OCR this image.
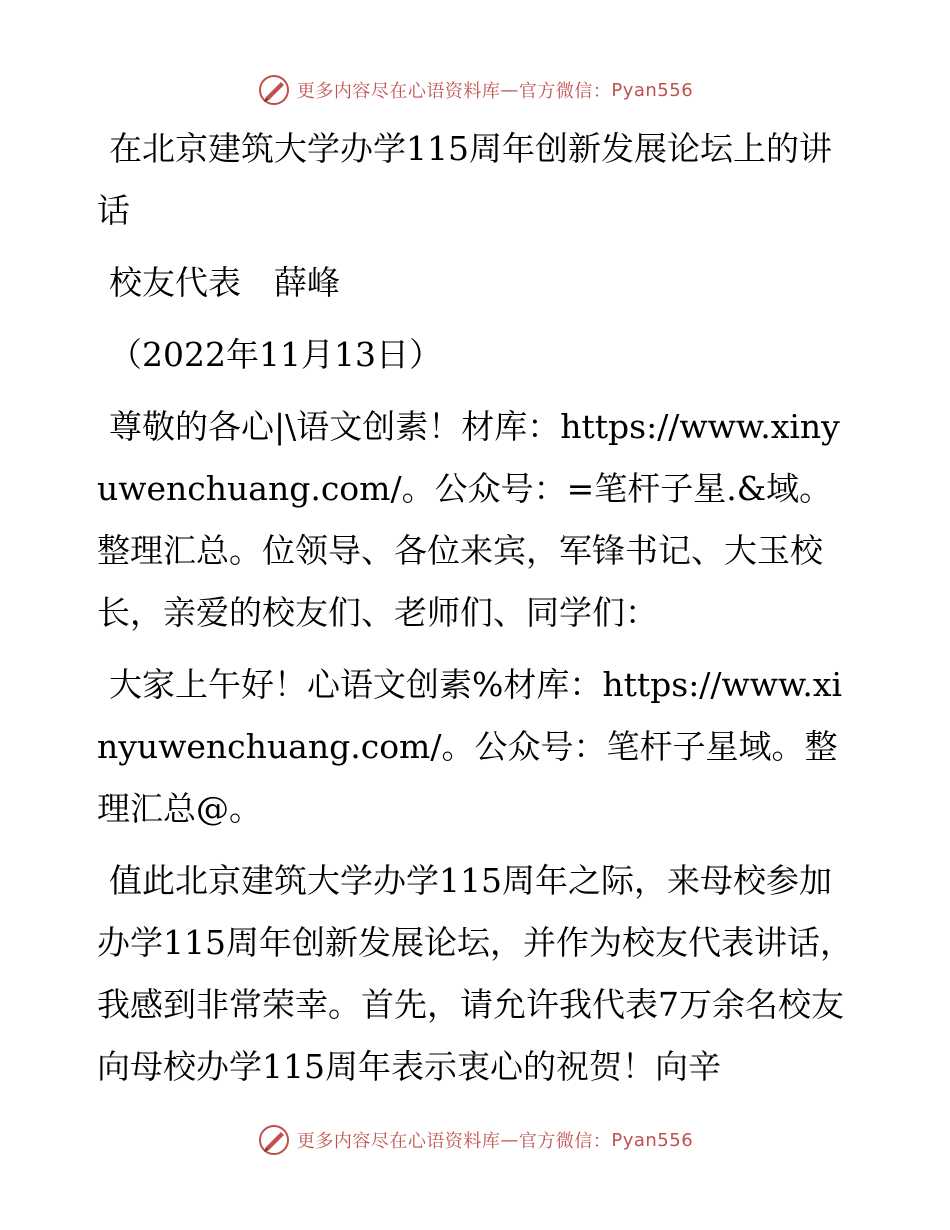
更多内容尽在心语资料库 — 官方微信： Pyan556

在北京建筑大学办学115周年创新发展论坛上的讲话

校友代表　薛峰

（2022年11月13日）

尊敬的各心|\语文创素！材库：https://www.xinyuwenchuang.com/。公众号：=笔杆子星.&域。整理汇总。位领导、各位来宾，军锋书记、大玉校长，亲爱的校友们、老师们、同学们：

大家上午好！心语文创素%材库：https://www.xinyuwenchuang.com/。公众号：笔杆子星域。整理汇总@。

值此北京建筑大学办学115周年之际，来母校参加办学115周年创新发展论坛，并作为校友代表讲话，我感到非常荣幸。首先，请允许我代表7万余名校友向母校办学115周年表示衷心的祝贺！向辛

更多内容尽在心语资料库 — 官方微信： Pyan556
